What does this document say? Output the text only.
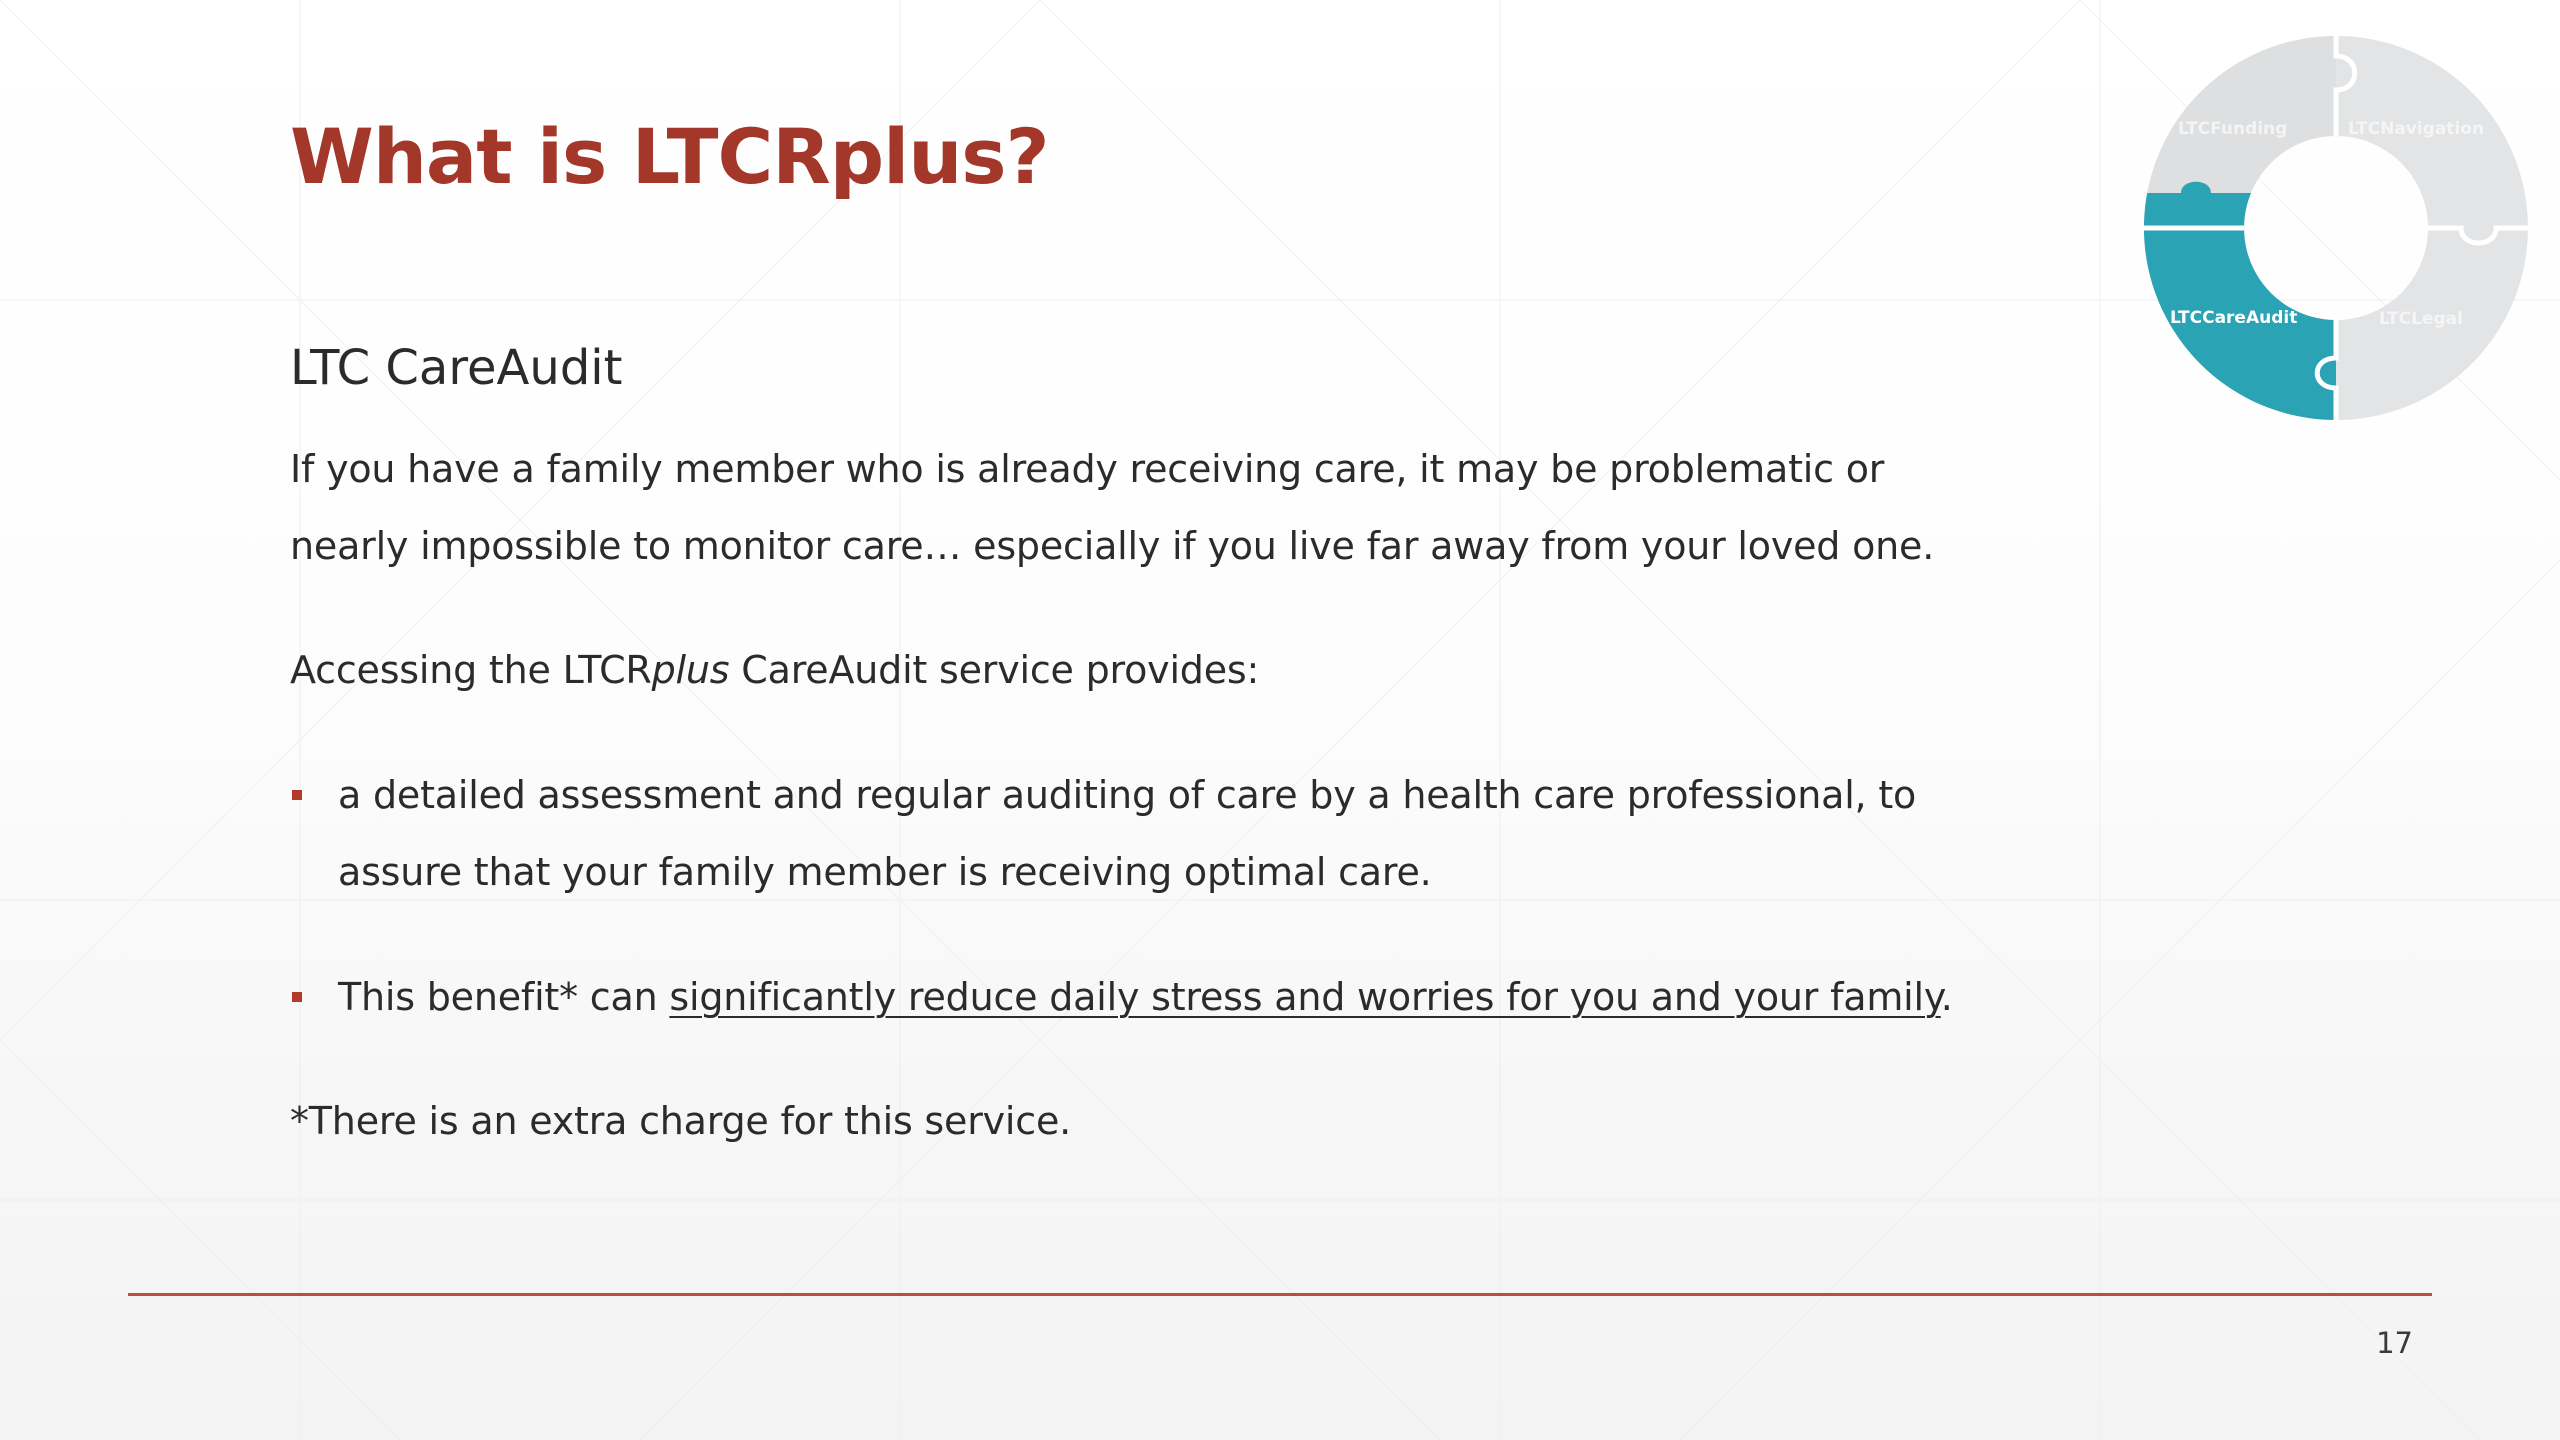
What is LTCRplus?	LTCFunding	LTCNavigation
LTCCareAudit	LTCLegal
LTC CareAudit

If you have a family member who is already receiving care, it may be problematic or nearly impossible to monitor care… especially if you live far away from your loved one.

Accessing the LTCRplus CareAudit service provides:

a detailed assessment and regular auditing of care by a health care professional, to assure that your family member is receiving optimal care.
This benefit* can significantly reduce daily stress and worries for you and your family.

*There is an extra charge for this service.

17
